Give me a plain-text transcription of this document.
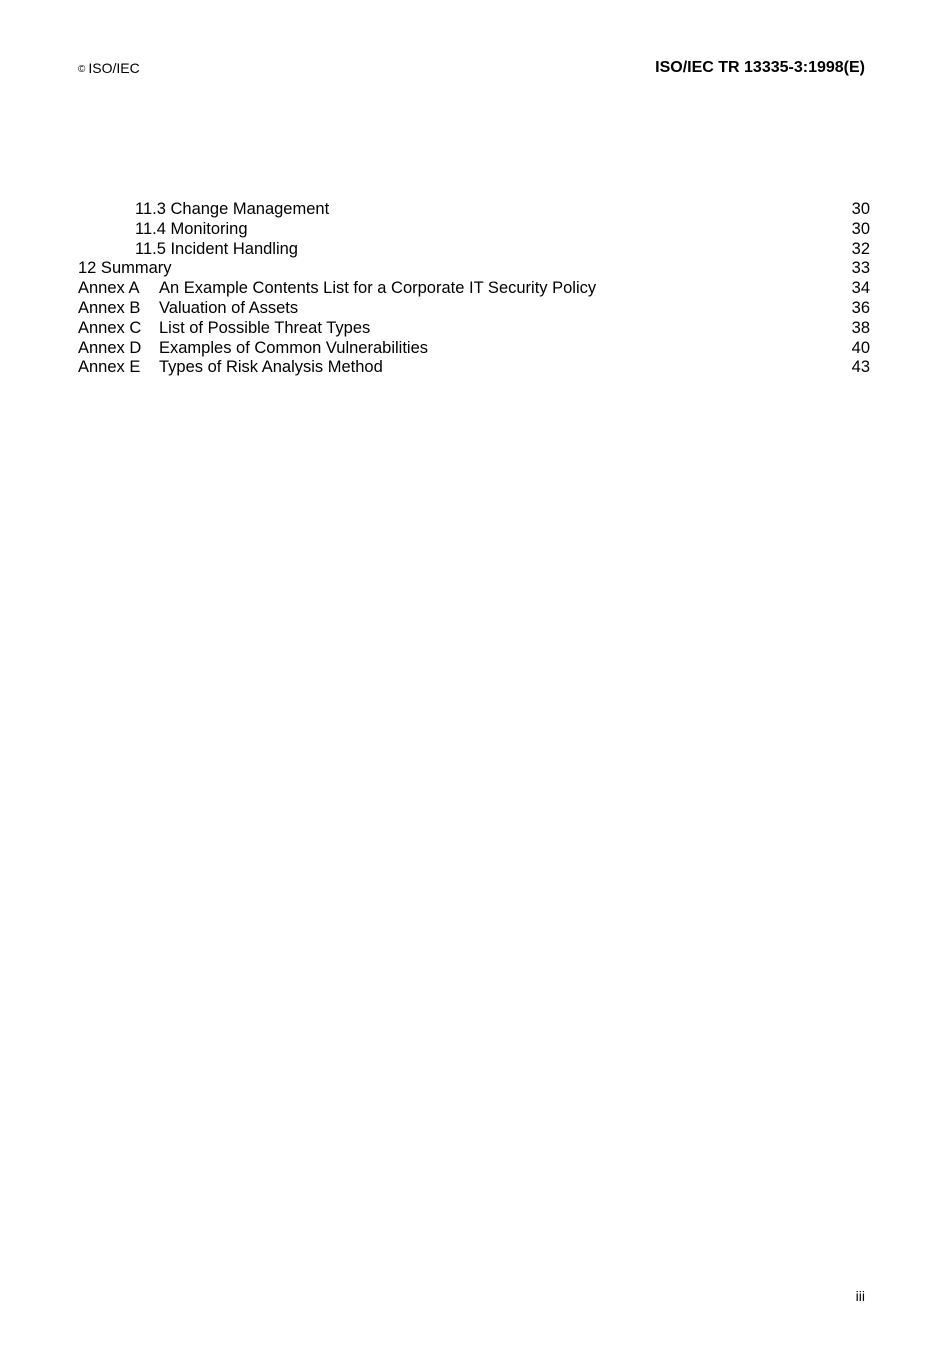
© ISO/IEC	ISO/IEC TR 13335-3:1998(E)
11.3 Change Management	30
11.4 Monitoring	30
11.5 Incident Handling	32
12 Summary	33
Annex A An Example Contents List for a Corporate IT Security Policy	34
Annex B Valuation of Assets	36
Annex C List of Possible Threat Types	38
Annex D Examples of Common Vulnerabilities	40
Annex E Types of Risk Analysis Method	43
iii
